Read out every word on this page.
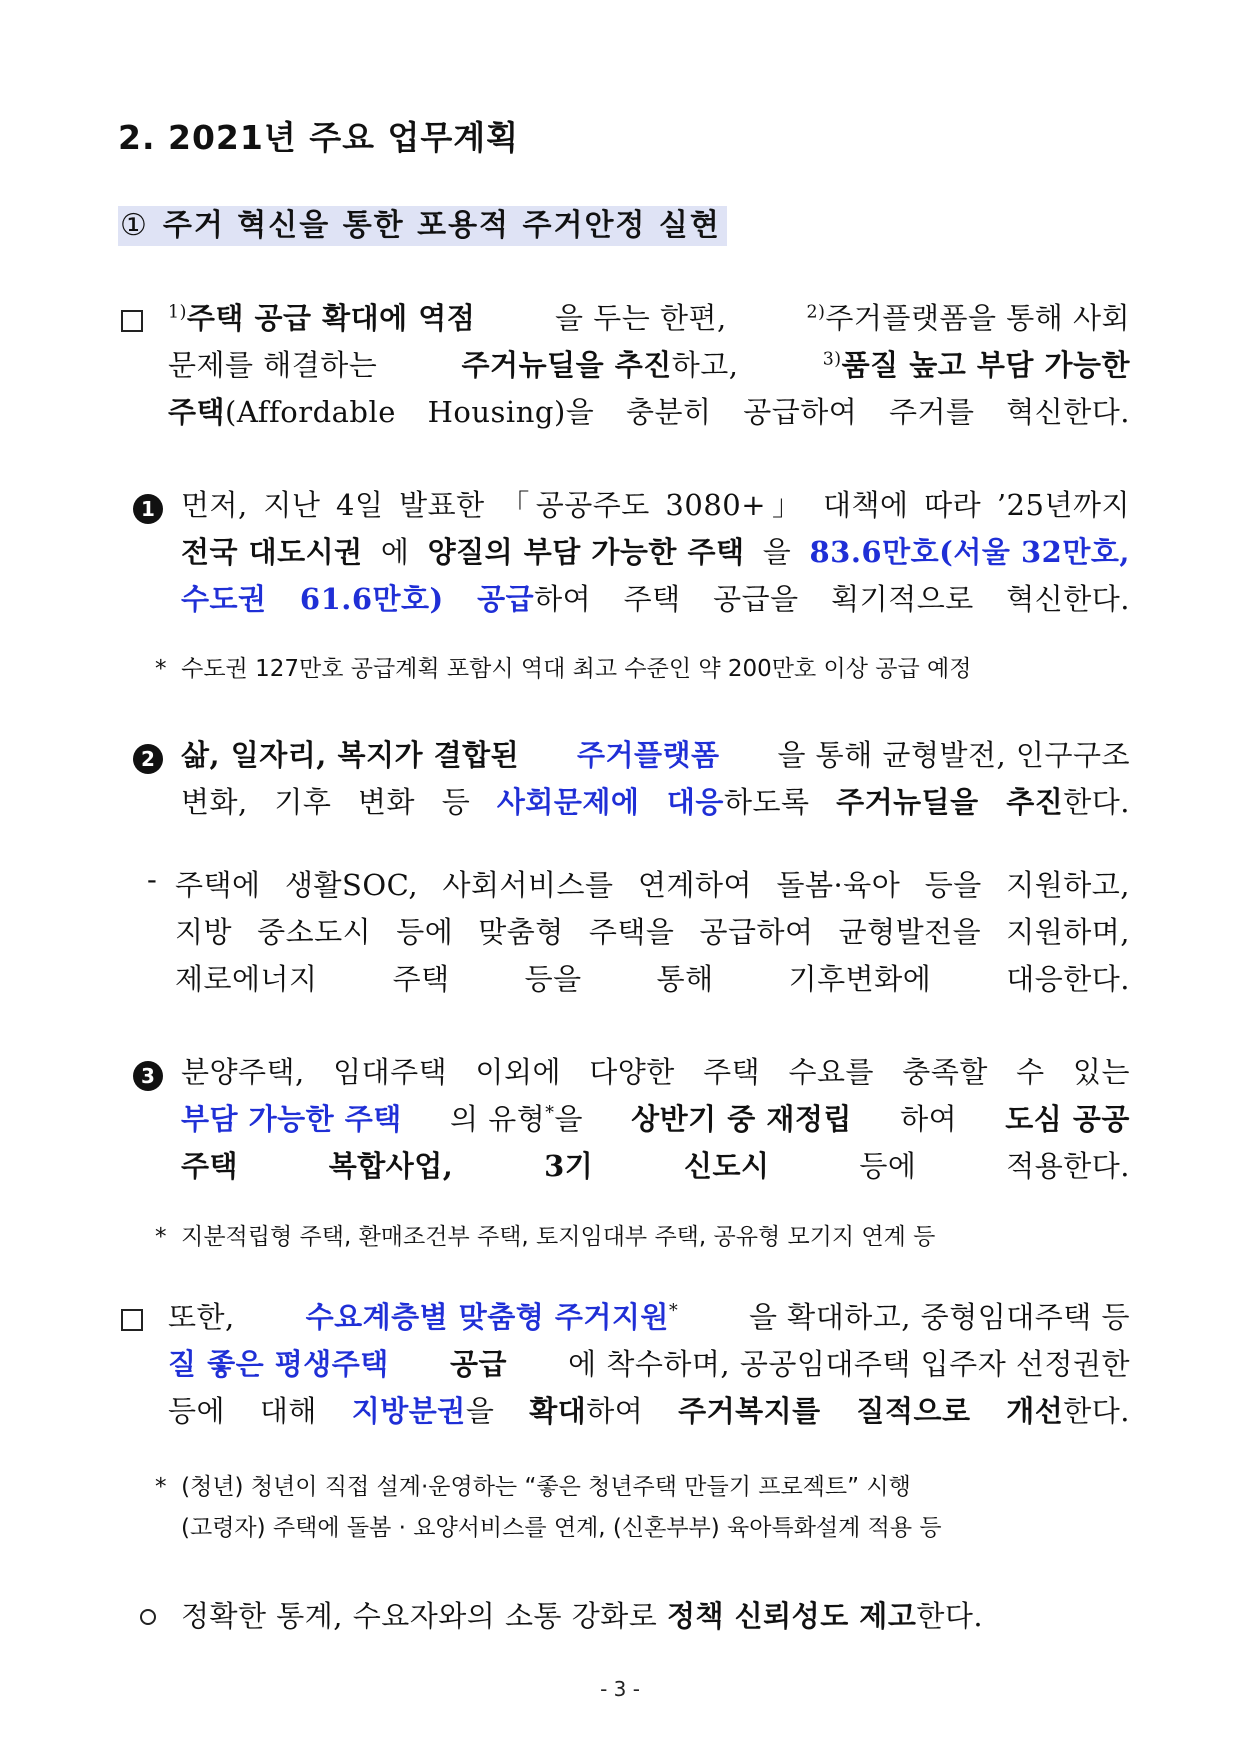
2. 2021년 주요 업무계획
① 주거 혁신을 통한 포용적 주거안정 실현
$^{1)}$주택 공급 확대에 역점	을 두는 한편,	$^{2)}$주거플랫폼을 통해 사회
문제를 해결하는	주거뉴딜을 추진하고,	$^{3)}$품질 높고 부담 가능한
주택(Affordable Housing)을 충분히 공급하여 주거를 혁신한다.
1 먼저, 지난 4일 발표한 「공공주도 3080+」 대책에 따라 ’25년까지
전국 대도시권 에 양질의 부담 가능한 주택 을 83.6만호(서울 32만호,
수도권 61.6만호) 공급하여 주택 공급을 획기적으로 혁신한다.
* 수도권 127만호 공급계획 포함시 역대 최고 수준인 약 200만호 이상 공급 예정
2 삶, 일자리, 복지가 결합된 주거플랫폼 을 통해 균형발전, 인구구조
변화, 기후 변화 등 사회문제에 대응하도록 주거뉴딜을 추진한다.
- 주택에 생활SOC, 사회서비스를 연계하여 돌봄·육아 등을 지원하고,
지방 중소도시 등에 맞춤형 주택을 공급하여 균형발전을 지원하며,
제로에너지 주택 등을 통해 기후변화에 대응한다.
3 분양주택, 임대주택 이외에 다양한 주택 수요를 충족할 수 있는
부담 가능한 주택 의 유형*을 상반기 중 재정립 하여 도심 공공
주택 복합사업, 3기 신도시 등에 적용한다.
* 지분적립형 주택, 환매조건부 주택, 토지임대부 주택, 공유형 모기지 연계 등
또한, 수요계층별 맞춤형 주거지원* 을 확대하고, 중형임대주택 등
질 좋은 평생주택 공급 에 착수하며, 공공임대주택 입주자 선정권한
등에 대해 지방분권을 확대하여 주거복지를 질적으로 개선한다.
* (청년) 청년이 직접 설계·운영하는 “좋은 청년주택 만들기 프로젝트” 시행
(고령자) 주택에 돌봄 · 요양서비스를 연계, (신혼부부) 육아특화설계 적용 등
정확한 통계, 수요자와의 소통 강화로 정책 신뢰성도 제고한다.
- 3 -
